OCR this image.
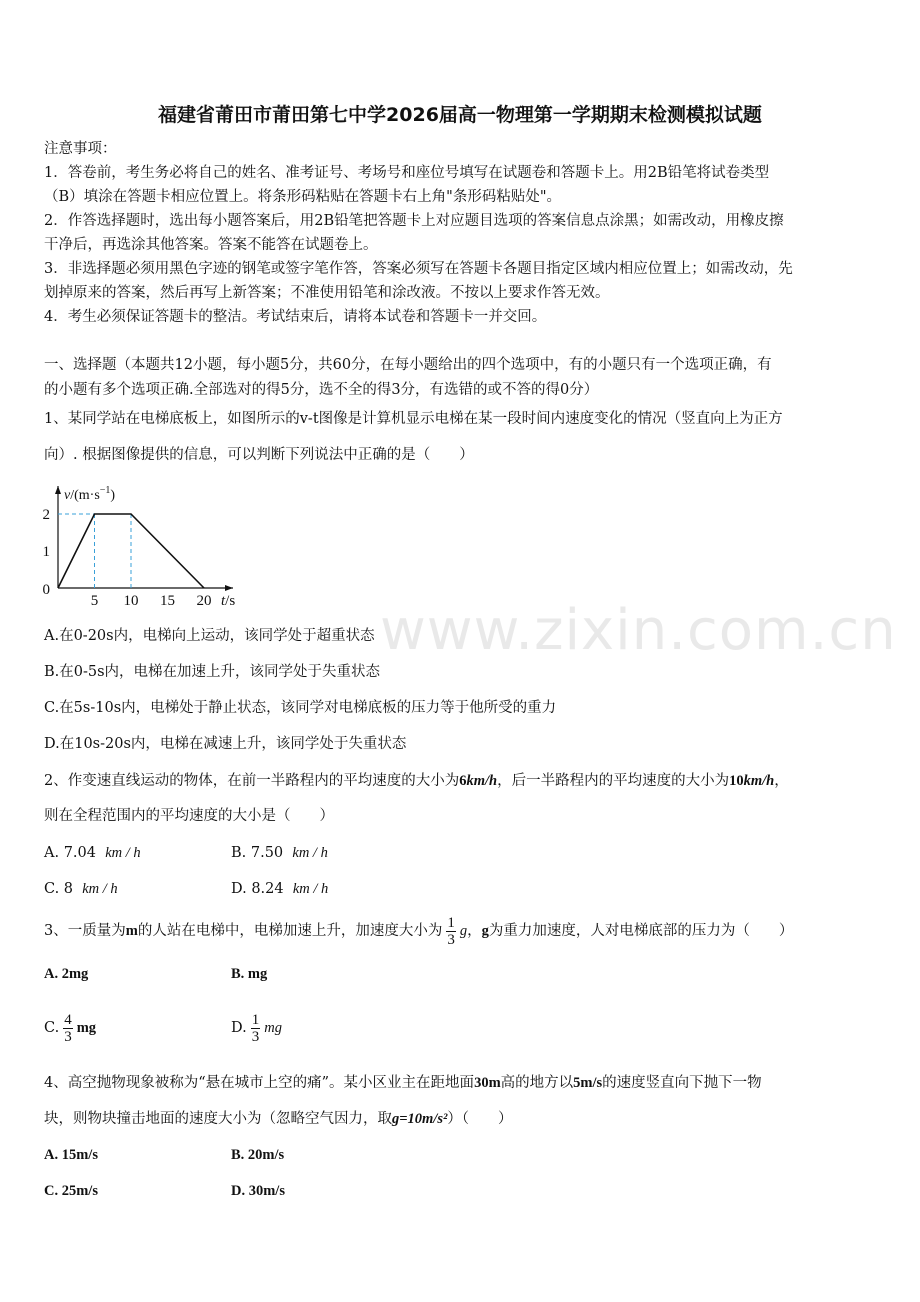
www.zixin.com.cn
福建省莆田市莆田第七中学2026届高一物理第一学期期末检测模拟试题
注意事项：
1．答卷前，考生务必将自己的姓名、准考证号、考场号和座位号填写在试题卷和答题卡上。用2B铅笔将试卷类型
（B）填涂在答题卡相应位置上。将条形码粘贴在答题卡右上角"条形码粘贴处"。
2．作答选择题时，选出每小题答案后，用2B铅笔把答题卡上对应题目选项的答案信息点涂黑；如需改动，用橡皮擦
干净后，再选涂其他答案。答案不能答在试题卷上。
3．非选择题必须用黑色字迹的钢笔或签字笔作答，答案必须写在答题卡各题目指定区域内相应位置上；如需改动，先
划掉原来的答案，然后再写上新答案；不准使用铅笔和涂改液。不按以上要求作答无效。
4．考生必须保证答题卡的整洁。考试结束后，请将本试卷和答题卡一并交回。
一、选择题（本题共12小题，每小题5分，共60分，在每小题给出的四个选项中，有的小题只有一个选项正确，有
的小题有多个选项正确.全部选对的得5分，选不全的得3分，有选错的或不答的得0分）
1、某同学站在电梯底板上，如图所示的v-t图像是计算机显示电梯在某一段时间内速度变化的情况（竖直向上为正方
向）. 根据图像提供的信息，可以判断下列说法中正确的是（　　）
5 10 15 20
1
2
0
$v/(m\cdot s^{-1})$
t/s
A.在0-20s内，电梯向上运动，该同学处于超重状态
B.在0-5s内，电梯在加速上升，该同学处于失重状态
C.在5s-10s内，电梯处于静止状态，该同学对电梯底板的压力等于他所受的重力
D.在10s-20s内，电梯在减速上升，该同学处于失重状态
2、作变速直线运动的物体，在前一半路程内的平均速度的大小为6km/h，后一半路程内的平均速度的大小为10km/h，
则在全程范围内的平均速度的大小是（　　）
A. 7.04 km / h	B. 7.50 km / h
C. 8 km / h	D. 8.24 km / h
3、一质量为m的人站在电梯中，电梯加速上升，加速度大小为 $\frac{1}{3}$ g，g为重力加速度，人对电梯底部的压力为（　　）
A. 2mg	B. mg
C. $\frac{4}{3}$ mg	D. $\frac{1}{3}$ mg
4、高空抛物现象被称为“悬在城市上空的痛”。某小区业主在距地面30m高的地方以5m/s的速度竖直向下抛下一物
块，则物块撞击地面的速度大小为（忽略空气因力，取g=10m/s²）（　　）
A. 15m/s	B. 20m/s
C. 25m/s	D. 30m/s
